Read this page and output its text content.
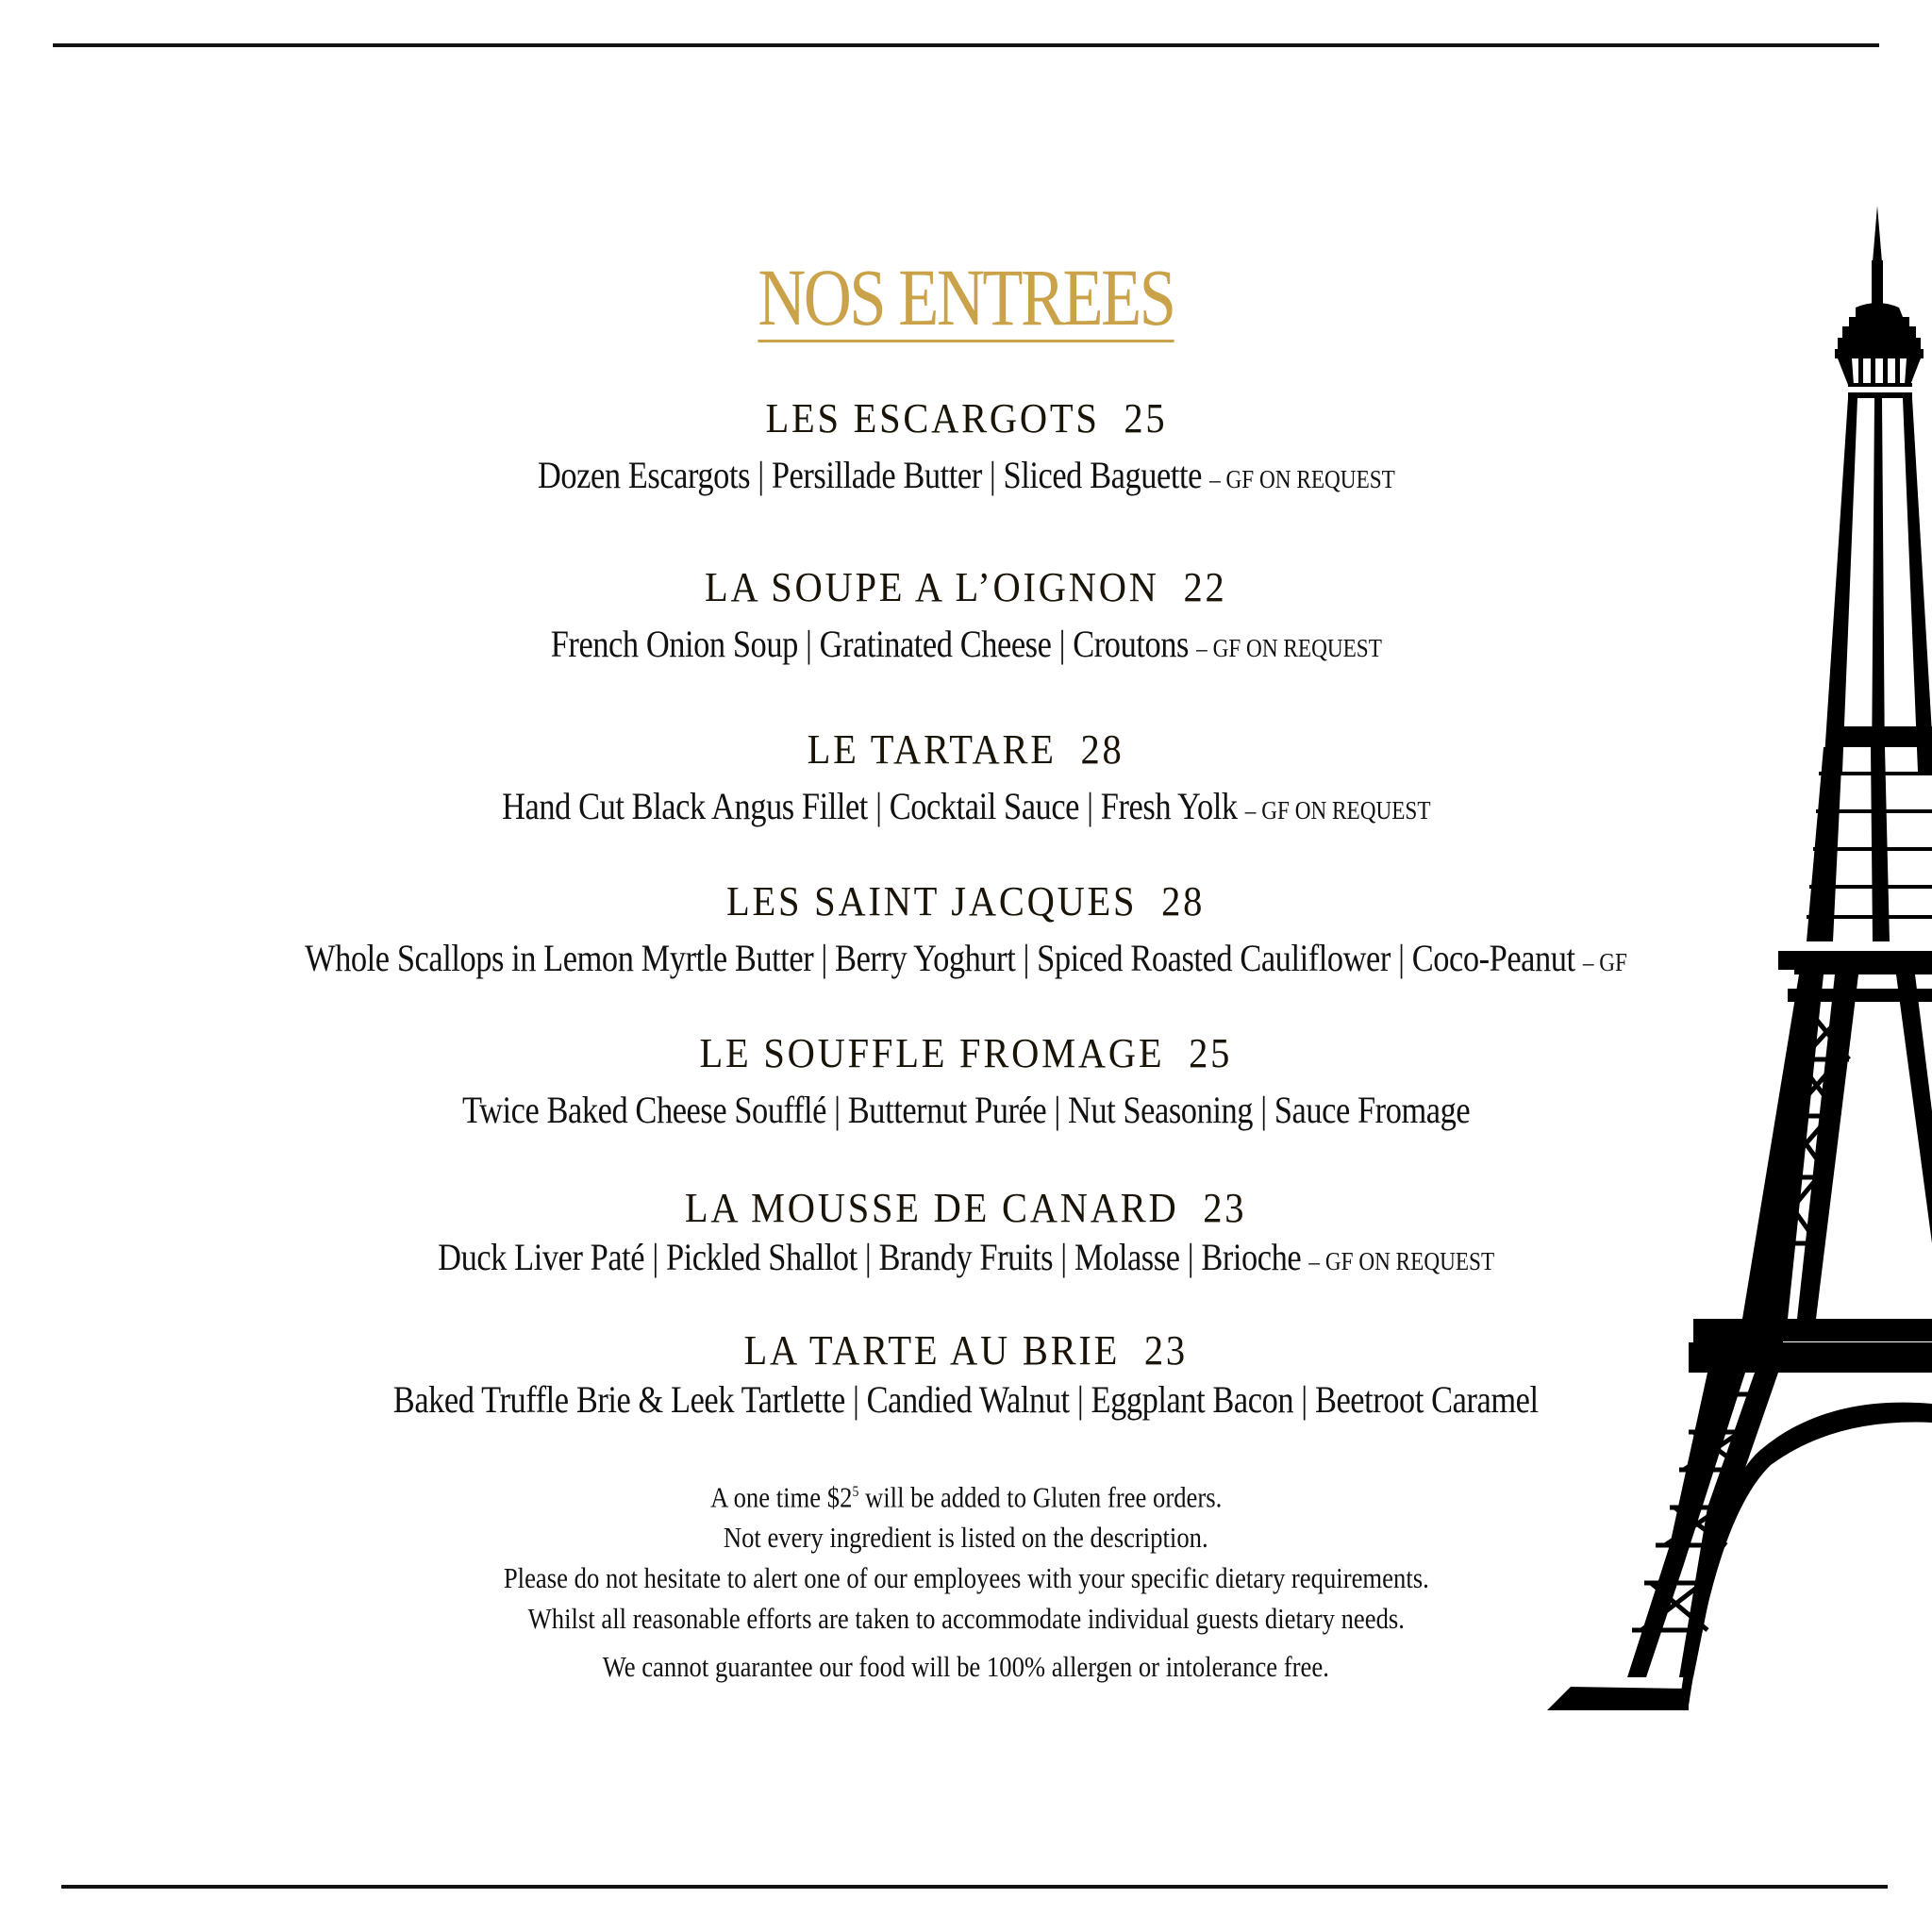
NOS ENTREES
LES ESCARGOTS 25
Dozen Escargots | Persillade Butter | Sliced Baguette – GF ON REQUEST
LA SOUPE A L’OIGNON 22
French Onion Soup | Gratinated Cheese | Croutons – GF ON REQUEST
LE TARTARE 28
Hand Cut Black Angus Fillet | Cocktail Sauce | Fresh Yolk – GF ON REQUEST
LES SAINT JACQUES 28
Whole Scallops in Lemon Myrtle Butter | Berry Yoghurt | Spiced Roasted Cauliflower | Coco-Peanut – GF
LE SOUFFLE FROMAGE 25
Twice Baked Cheese Soufflé | Butternut Purée | Nut Seasoning | Sauce Fromage
LA MOUSSE DE CANARD 23
Duck Liver Paté | Pickled Shallot | Brandy Fruits | Molasse | Brioche – GF ON REQUEST
LA TARTE AU BRIE 23
Baked Truffle Brie & Leek Tartlette | Candied Walnut | Eggplant Bacon | Beetroot Caramel
A one time $\$2^5$ will be added to Gluten free orders.
Not every ingredient is listed on the description.
Please do not hesitate to alert one of our employees with your specific dietary requirements.
Whilst all reasonable efforts are taken to accommodate individual guests dietary needs.
We cannot guarantee our food will be 100% allergen or intolerance free.
